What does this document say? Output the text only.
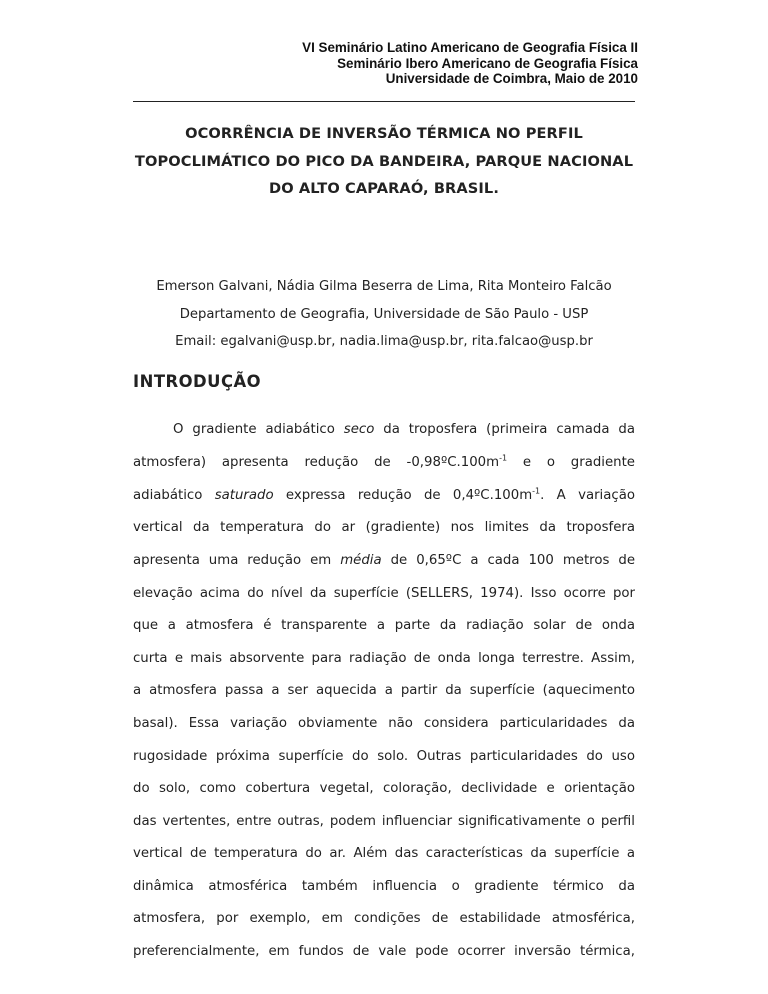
VI Seminário Latino Americano de Geografia Física II
Seminário Ibero Americano de Geografia Física
Universidade de Coimbra, Maio de 2010
OCORRÊNCIA DE INVERSÃO TÉRMICA NO PERFIL
TOPOCLIMÁTICO DO PICO DA BANDEIRA, PARQUE NACIONAL
DO ALTO CAPARAÓ, BRASIL.
Emerson Galvani, Nádia Gilma Beserra de Lima, Rita Monteiro Falcão
Departamento de Geografia, Universidade de São Paulo - USP
Email: egalvani@usp.br, nadia.lima@usp.br, rita.falcao@usp.br
INTRODUÇÃO
O gradiente adiabático seco da troposfera (primeira camada da
atmosfera) apresenta redução de $-0,98ºC.100m^{-1}$ e o gradiente
adiabático saturado expressa redução de $0,4ºC.100m^{-1}$. A variação
vertical da temperatura do ar (gradiente) nos limites da troposfera
apresenta uma redução em média de 0,65ºC a cada 100 metros de
elevação acima do nível da superfície (SELLERS, 1974). Isso ocorre por
que a atmosfera é transparente a parte da radiação solar de onda
curta e mais absorvente para radiação de onda longa terrestre. Assim,
a atmosfera passa a ser aquecida a partir da superfície (aquecimento
basal). Essa variação obviamente não considera particularidades da
rugosidade próxima superfície do solo. Outras particularidades do uso
do solo, como cobertura vegetal, coloração, declividade e orientação
das vertentes, entre outras, podem influenciar significativamente o perfil
vertical de temperatura do ar. Além das características da superfície a
dinâmica atmosférica também influencia o gradiente térmico da
atmosfera, por exemplo, em condições de estabilidade atmosférica,
preferencialmente, em fundos de vale pode ocorrer inversão térmica,
